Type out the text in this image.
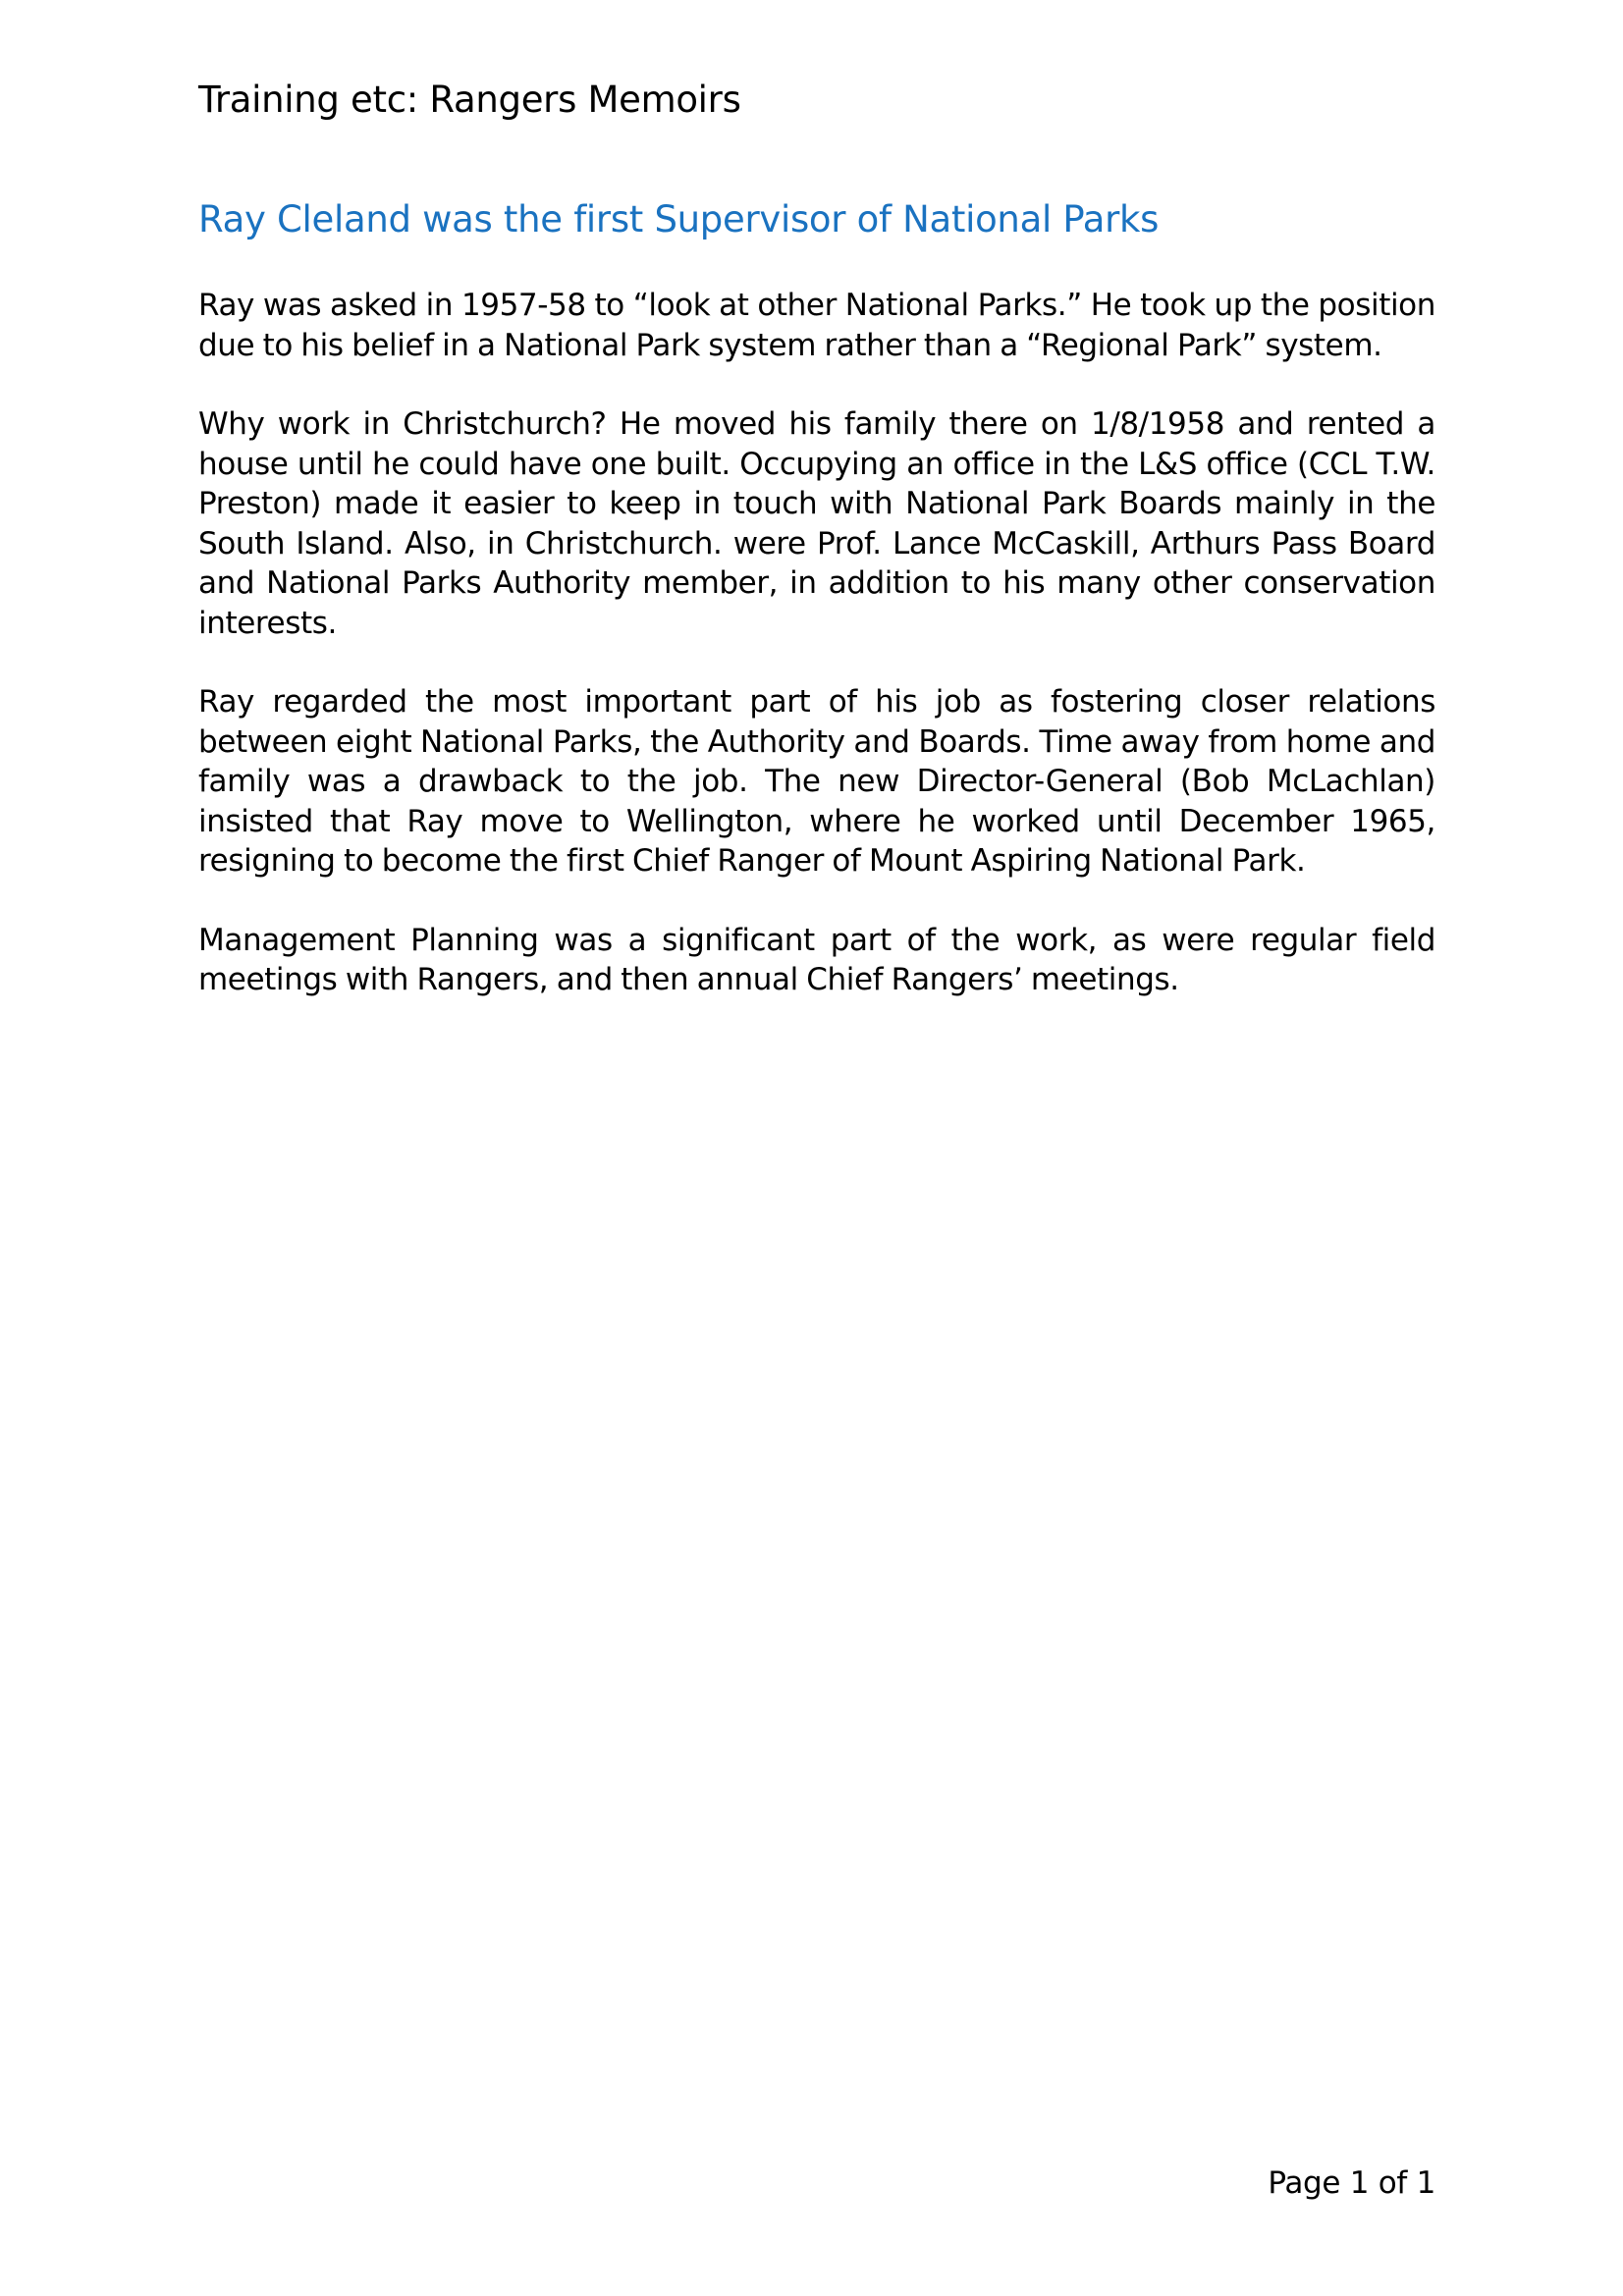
Training etc: Rangers Memoirs
Ray Cleland was the first Supervisor of National Parks

Ray was asked in 1957-58 to “look at other National Parks.” He took up the position due to his belief in a National Park system rather than a “Regional Park” system.

Why work in Christchurch? He moved his family there on 1/8/1958 and rented a house until he could have one built. Occupying an office in the L&S office (CCL T.W. Preston) made it easier to keep in touch with National Park Boards mainly in the South Island. Also, in Christchurch. were Prof. Lance McCaskill, Arthurs Pass Board and National Parks Authority member, in addition to his many other conservation interests.

Ray regarded the most important part of his job as fostering closer relations between eight National Parks, the Authority and Boards. Time away from home and family was a drawback to the job. The new Director-General (Bob McLachlan) insisted that Ray move to Wellington, where he worked until December 1965, resigning to become the first Chief Ranger of Mount Aspiring National Park.

Management Planning was a significant part of the work, as were regular field meetings with Rangers, and then annual Chief Rangers’ meetings.

Page 1 of 1
